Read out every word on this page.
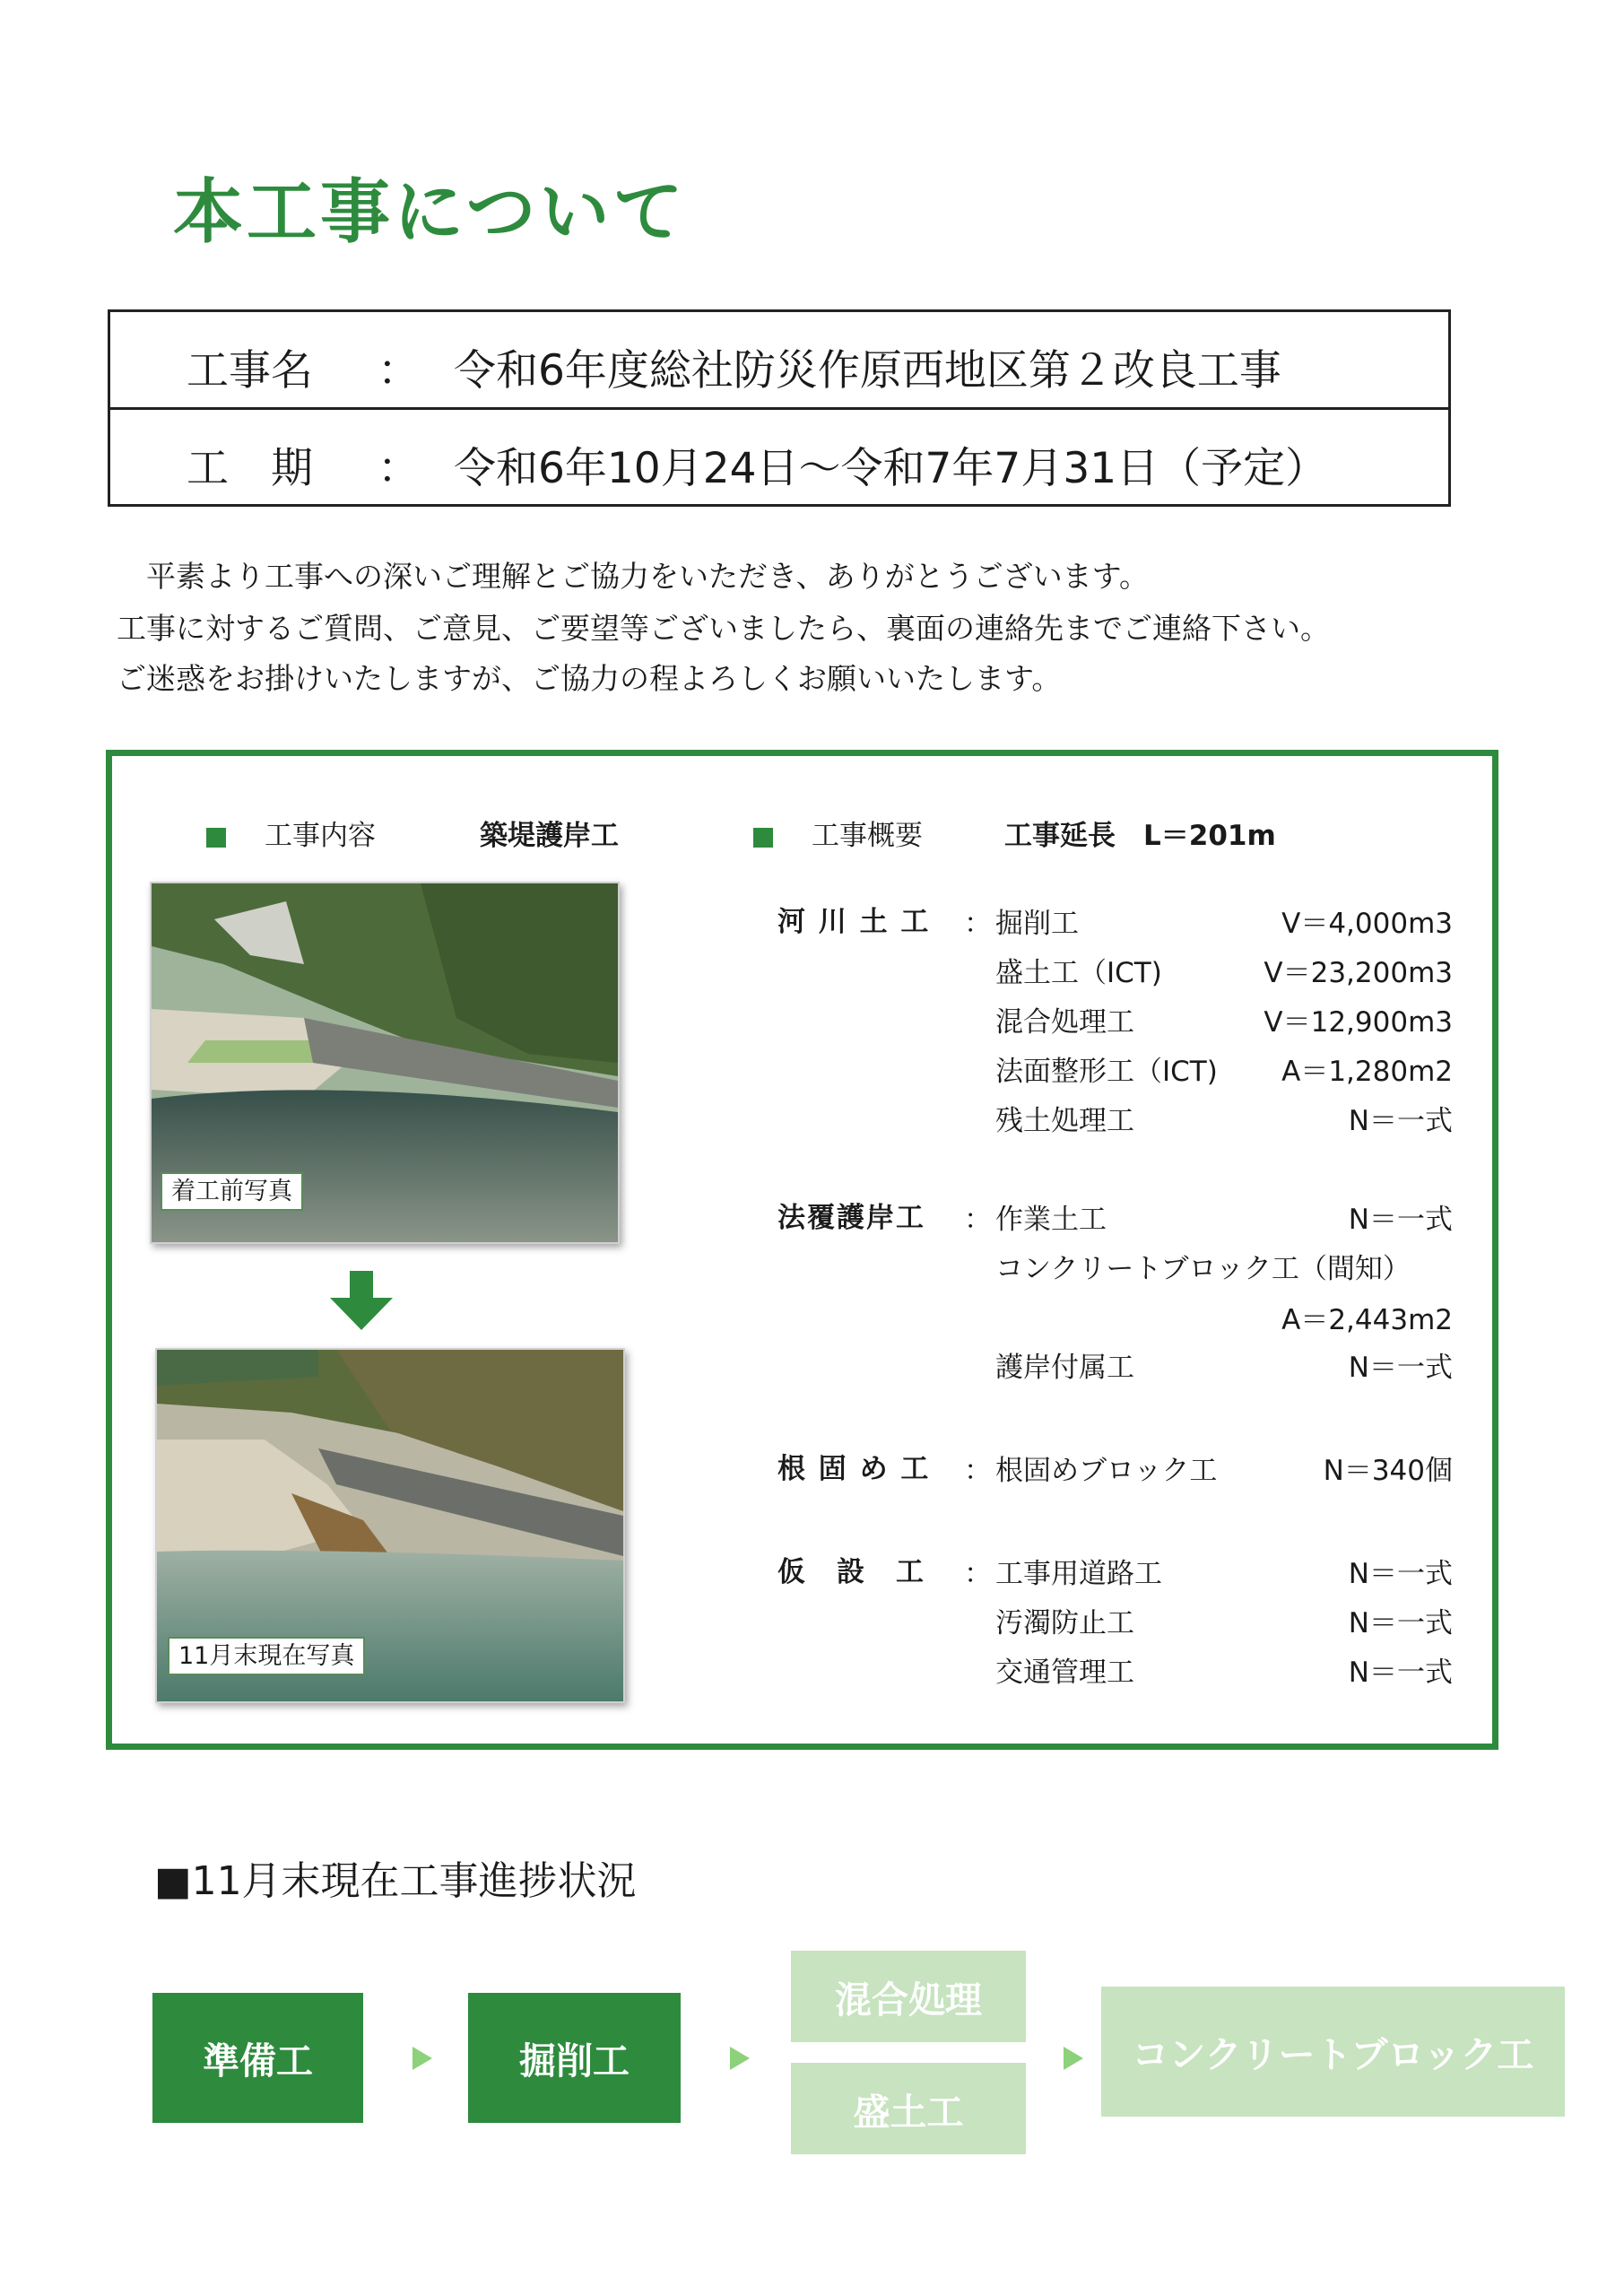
本工事について
工事名 ： 令和6年度総社防災作原西地区第２改良工事
工　期 ： 令和6年10月24日～令和7年7月31日（予定）
　平素より工事への深いご理解とご協力をいただき、ありがとうございます。
工事に対するご質問、ご意見、ご要望等ございましたら、裏面の連絡先までご連絡下さい。
ご迷惑をお掛けいたしますが、ご協力の程よろしくお願いいたします。
工事内容	築堤護岸工	工事概要	工事延長　L＝201m
着工前写真
11月末現在写真
河 川 土 工 ： 掘削工	V＝4,000m3
盛土工（ICT)	V＝23,200m3
混合処理工	V＝12,900m3
法面整形工（ICT)	A＝1,280m2
残土処理工	N＝一式
法覆護岸工 ： 作業土工	N＝一式
コンクリートブロック工（間知）
A＝2,443m2
護岸付属工	N＝一式
根 固 め 工 ： 根固めブロック工	N＝340個
仮　設　工 ： 工事用道路工	N＝一式
汚濁防止工	N＝一式
交通管理工	N＝一式
■11月末現在工事進捗状況
準備工	掘削工
混合処理
盛土工
コンクリートブロック工
